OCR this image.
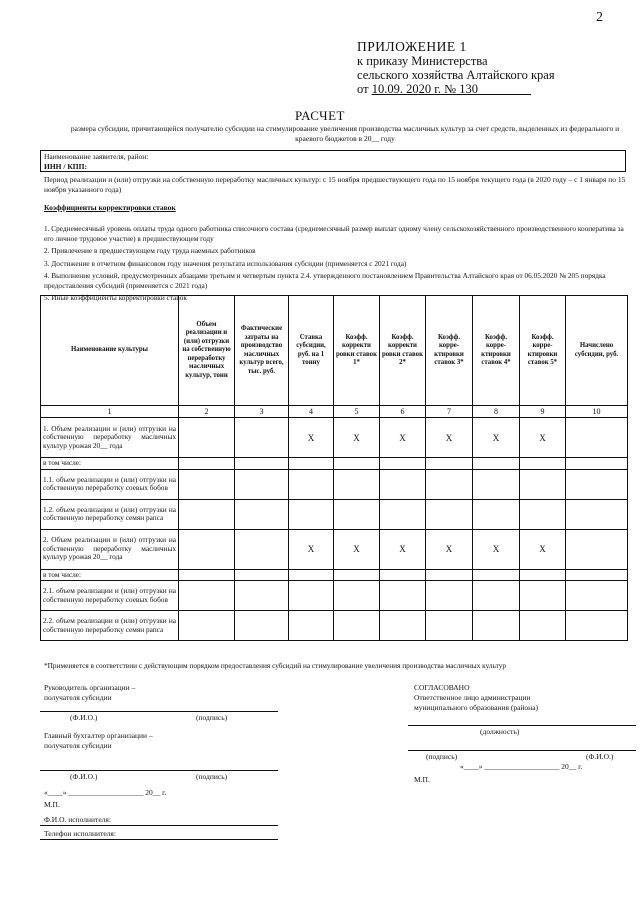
2
ПРИЛОЖЕНИЕ 1
к приказу Министерства
сельского хозяйства Алтайского края
от 10.09. 2020 г. № 130
РАСЧЕТ
размера субсидии, причитающейся получателю субсидии на стимулирование увеличения производства масличных культур за счет средств, выделенных из федерального и краевого бюджетов в 20__ году
Наименование заявителя, район:
ИНН / КПП:
Период реализации и (или) отгрузки на собственную переработку масличных культур: с 15 ноября предшествующего года по 15 ноября текущего года (в 2020 году – с 1 января по 15 ноября указанного года)
Коэффициенты корректировки ставок

1. Среднемесячный уровень оплаты труда одного работника списочного состава (среднемесячный размер выплат одному члену сельскохозяйственного производственного кооператива за его личное трудовое участие) в предшествующем году

2. Привлечение в предшествующем году труда наемных работников

3. Достижение в отчетном финансовом году значения результата использования субсидии (применяется с 2021 года)

4. Выполнение условий, предусмотренных абзацами третьим и четвертым пункта 2.4. утвержденного постановлением Правительства Алтайского края от 06.05.2020 № 205 порядка предоставления субсидий (применяется с 2021 года)

5. Иные коэффициенты корректировки ставок

Наименование культуры	Объем реализации и (или) отгрузки на собственную переработку масличных культур, тонн	Фактические затраты на производство масличных культур всего, тыс. руб.	Ставка субсидии, руб. на 1 тонну	Коэфф. корректи ровки ставок 1*	Коэфф. корректи ровки ставок 2*	Коэфф. корре- ктировки ставок 3*	Коэфф. корре- ктировки ставок 4*	Коэфф. корре- ктировки ставок 5*	Начислено субсидии, руб.
1	2	3	4	5	6	7	8	9	10
1. Объем реализации и (или) отгрузки на собственную переработку масличных культур урожая 20__ года			X	X	X	X	X	X	
в том числе:									
1.1. объем реализации и (или) отгрузки на собственную переработку соевых бобов									
1.2. объем реализации и (или) отгрузки на собственную переработку семян рапса									
2. Объем реализации и (или) отгрузки на собственную переработку масличных культур урожая 20__ года			X	X	X	X	X	X	
в том числе:									
2.1. объем реализации и (или) отгрузки на собственную переработку соевых бобов									
2.2. объем реализации и (или) отгрузки на собственную переработку семян рапса									
*Применяется в соответствии с действующим порядком предоставления субсидий на стимулирование увеличения производства масличных культур
Руководитель организации –
получателя субсидии
(Ф.И.О.)	(подпись)
Главный бухгалтер организации –
получателя субсидии
(Ф.И.О.)	(подпись)
«____» ____________________ 20__ г.
М.П.
Ф.И.О. исполнителя:
Телефон исполнителя:
СОГЛАСОВАНО
Ответственное лицо администрации
муниципального образования (района)
(должность)
(подпись)	(Ф.И.О.)
«____» ____________________ 20__ г.
М.П.
